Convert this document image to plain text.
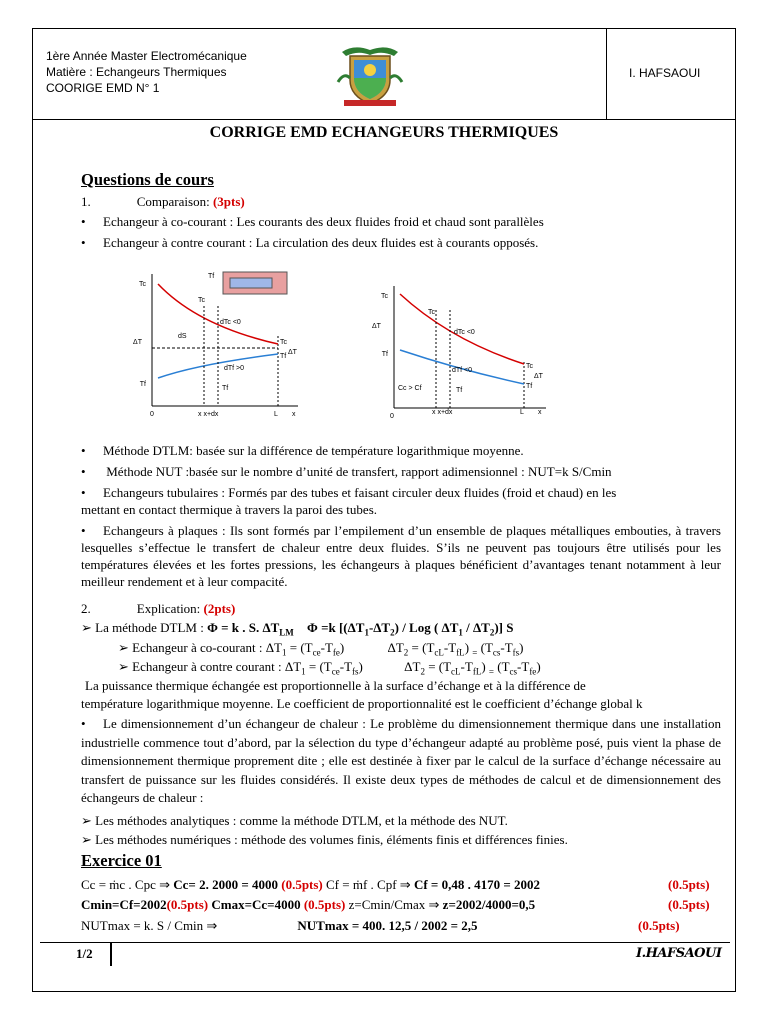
1ère Année Master Electromécanique
Matière : Echangeurs Thermiques
COORIGE EMD N° 1
I. HAFSAOUI
CORRIGE EMD ECHANGEURS THERMIQUES
Questions de cours
1.	Comparaison: (3pts)
• Echangeur à co-courant : Les courants des deux fluides froid et chaud sont parallèles
• Echangeur à contre courant : La circulation des deux fluides est à courants opposés.
Tc
ΔT
Tf
Tc
dTc <0
dS
Tc
Tf
ΔT
dTf >0
Tf
0	x x+dx	L x
Tf
Tc
ΔT
Tf
Tc
dTc <0
dTf <0
Tf
Tc
Tf
ΔT
Cc > Cf
0
x x+dx	L x
• Méthode DTLM: basée sur la différence de température logarithmique moyenne.
• Méthode NUT :basée sur le nombre d’unité de transfert, rapport adimensionnel : NUT=k S/Cmin
• Echangeurs tubulaires : Formés par des tubes et faisant circuler deux fluides (froid et chaud) en les
mettant en contact thermique à travers la paroi des tubes.
• Echangeurs à plaques : Ils sont formés par l’empilement d’un ensemble de plaques métalliques embouties, à travers lesquelles s’effectue le transfert de chaleur entre deux fluides. S’ils ne peuvent pas toujours être utilisés pour les températures élevées et les fortes pressions, les échangeurs à plaques bénéficient d’avantages tenant notamment à leur meilleur rendement et à leur compacité.
2.	Explication: (2pts)
➢ La méthode DTLM : Φ = k . S. $\Delta T_{LM}$ Φ =k [$(\Delta T_1-\Delta T_2)$ / Log ( $\Delta T_1 / \Delta T_2$)] S
➢ Echangeur à co-courant : $\Delta T_1 = (T_{ce}-T_{fe})$	$\Delta T_2 = (T_{cL}-T_{fL})$ $_=$ $(T_{cs}-T_{fs})$
➢ Echangeur à contre courant : $\Delta T_1 = (T_{ce}-T_{fs})$	$\Delta T_2 = (T_{cL}-T_{fL})$ $_=$ $(T_{cs}-T_{fe})$
La puissance thermique échangée est proportionnelle à la surface d’échange et à la différence de
température logarithmique moyenne. Le coefficient de proportionnalité est le coefficient d’échange global k
• Le dimensionnement d’un échangeur de chaleur : Le problème du dimensionnement thermique dans une installation industrielle commence tout d’abord, par la sélection du type d’échangeur adapté au problème posé, puis vient la phase de dimensionnement thermique proprement dite ; elle est destinée à fixer par le calcul de la surface d’échange nécessaire au transfert de puissance sur les fluides considérés. Il existe deux types de méthodes de calcul et de dimensionnement des échangeurs de chaleur :
➢ Les méthodes analytiques : comme la méthode DTLM, et la méthode des NUT.
➢ Les méthodes numériques : méthode des volumes finis, éléments finis et différences finies.
Exercice 01
Cc = ṁc . Cpc ⇒ Cc= 2. 2000 = 4000 (0.5pts) Cf = ṁf . Cpf ⇒ Cf = 0,48 . 4170 = 2002	(0.5pts)
Cmin=Cf=2002(0.5pts) Cmax=Cc=4000 (0.5pts) z=Cmin/Cmax ⇒ z=2002/4000=0,5	(0.5pts)
NUTmax = k. S / Cmin ⇒	NUTmax = 400. 12,5 / 2002 = 2,5	(0.5pts)
1/2	I.HAFSAOUI
